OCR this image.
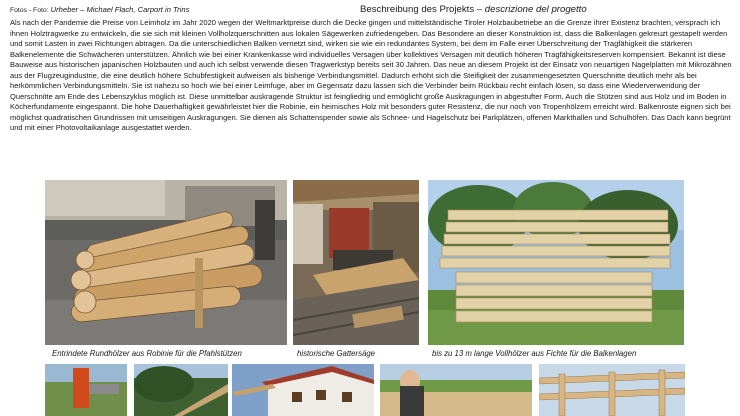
Fotos - Foto: Urheber – Michael Flach, Carport in Trins	Beschreibung des Projekts – descrizione del progetto

Als nach der Pandemie die Preise von Leimholz im Jahr 2020 wegen der Weltmarktpreise durch die Decke gingen und mittelständische Tiroler Holzbaubetriebe an die Grenze ihrer Existenz brachten, versprach ich ihnen Holztragwerke zu entwickeln, die sie sich mit kleinen Vollholzquerschnitten aus lokalen Sägewerken zufriedengeben. Das Besondere an dieser Konstruktion ist, dass die Balkenlagen gekreuzt gestapelt werden und somit Lasten in zwei Richtungen abtragen. Da die unterschiedlichen Balken vernetzt sind, wirken sie wie ein redundantes System, bei dem im Falle einer Überschreitung der Tragfähigkeit die stärkeren Balkenelemente die Schwächeren unterstützen. Ähnlich wie bei einer Krankenkasse wird individuelles Versagen über kollektives Versagen mit deutlich höheren Tragfähigkeitsreserven kompensiert. Bekannt ist diese Bauweise aus historischen japanischen Holzbauten und auch ich selbst verwende diesen Tragwerkstyp bereits seit 30 Jahren. Das neue an diesem Projekt ist der Einsatz von neuartigen Nagelplatten mit Mikrozähnen aus der Flugzeugindustrie, die eine deutlich höhere Schubfestigkeit aufweisen als bisherige Verbindungsmittel. Dadurch erhöht sich die Steifigkeit der zusammengesetzten Querschnitte deutlich mehr als bei herkömmlichen Verbindungsmitteln. Sie ist nahezu so hoch wie bei einer Leimfuge, aber im Gegensatz dazu lassen sich die Verbinder beim Rückbau recht einfach lösen, so dass eine Wiederverwendung der Querschnitte am Ende des Lebenszyklus möglich ist. Diese unmittelbar auskragende Struktur ist feingliedrig und ermöglicht große Auskragungen in abgestufter Form. Auch die Stützen sind aus Holz und im Boden in Köcherfundamente eingespannt. Die hohe Dauerhaftigkeit gewährleistet hier die Robinie, ein heimisches Holz mit besonders guter Resistenz, die nur noch von Tropenhölzern erreicht wird. Balkenroste eignen sich bei möglichst quadratischen Grundrissen mit umseitigen Auskragungen. Sie dienen als Schattenspender sowie als Schnee- und Hagelschutz bei Parkplätzen, offenen Markthallen und Schulhöfen. Das Dach kann begrünt und mit einer Photovoltaikanlage ausgestattet werden.

Entrindete Rundhölzer aus Robinie für die Pfahlstützen	historische Gattersäge	bis zu 13 m lange Vollhölzer aus Fichte für die Balkenlagen
